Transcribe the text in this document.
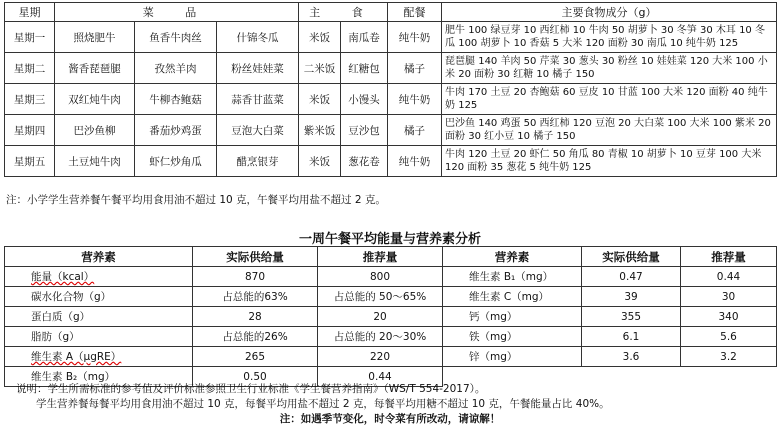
星期	菜 品			主 食		配餐	主要食物成分（g）
星期一	照烧肥牛	鱼香牛肉丝	什锦冬瓜	米饭	南瓜卷	纯牛奶	肥牛 100 绿豆芽 10 西红柿 10 牛肉 50 胡萝卜 30 冬笋 30 木耳 10 冬瓜 100 胡萝卜 10 香菇 5 大米 120 面粉 30 南瓜 10 纯牛奶 125
星期二	酱香琵琶腿	孜然羊肉	粉丝娃娃菜	二米饭	红糖包	橘子	琵琶腿 140 羊肉 50 芹菜 30 葱头 30 粉丝 10 娃娃菜 120 大米 100 小米 20 面粉 30 红糖 10 橘子 150
星期三	双红炖牛肉	牛柳杏鲍菇	蒜香甘蓝菜	米饭	小馒头	纯牛奶	牛肉 170 土豆 20 杏鲍菇 60 豆皮 10 甘蓝 100 大米 120 面粉 40 纯牛奶 125
星期四	巴沙鱼柳	番茄炒鸡蛋	豆泡大白菜	紫米饭	豆沙包	橘子	巴沙鱼 140 鸡蛋 50 西红柿 120 豆泡 20 大白菜 100 大米 100 紫米 20 面粉 30 红小豆 10 橘子 150
星期五	土豆炖牛肉	虾仁炒角瓜	醋烹银芽	米饭	葱花卷	纯牛奶	牛肉 120 土豆 20 虾仁 50 角瓜 80 青椒 10 胡萝卜 10 豆芽 100 大米 120 面粉 35 葱花 5 纯牛奶 125
注：小学学生营养餐午餐平均用食用油不超过 10 克，午餐平均用盐不超过 2 克。
一周午餐平均能量与营养素分析
营养素	实际供给量	推荐量	营养素	实际供给量	推荐量
能量（kcal）	870	800	维生素 B₁（mg）	0.47	0.44
碳水化合物（g）	占总能的63%	占总能的 50～65%	维生素 C（mg）	39	30
蛋白质（g）	28	20	钙（mg）	355	340
脂肪（g）	占总能的26%	占总能的 20～30%	铁（mg）	6.1	5.6
维生素 A（μgRE）	265	220	锌（mg）	3.6	3.2
维生素 B₂（mg）	0.50	0.44			
说明：学生所需标准的参考值及评价标准参照卫生行业标准《学生餐营养指南》（WS/T 554-2017）。
学生营养餐每餐平均用食用油不超过 10 克，每餐平均用盐不超过 2 克，每餐平均用糖不超过 10 克，午餐能量占比 40%。
注：如遇季节变化，时令菜有所改动，请谅解！
